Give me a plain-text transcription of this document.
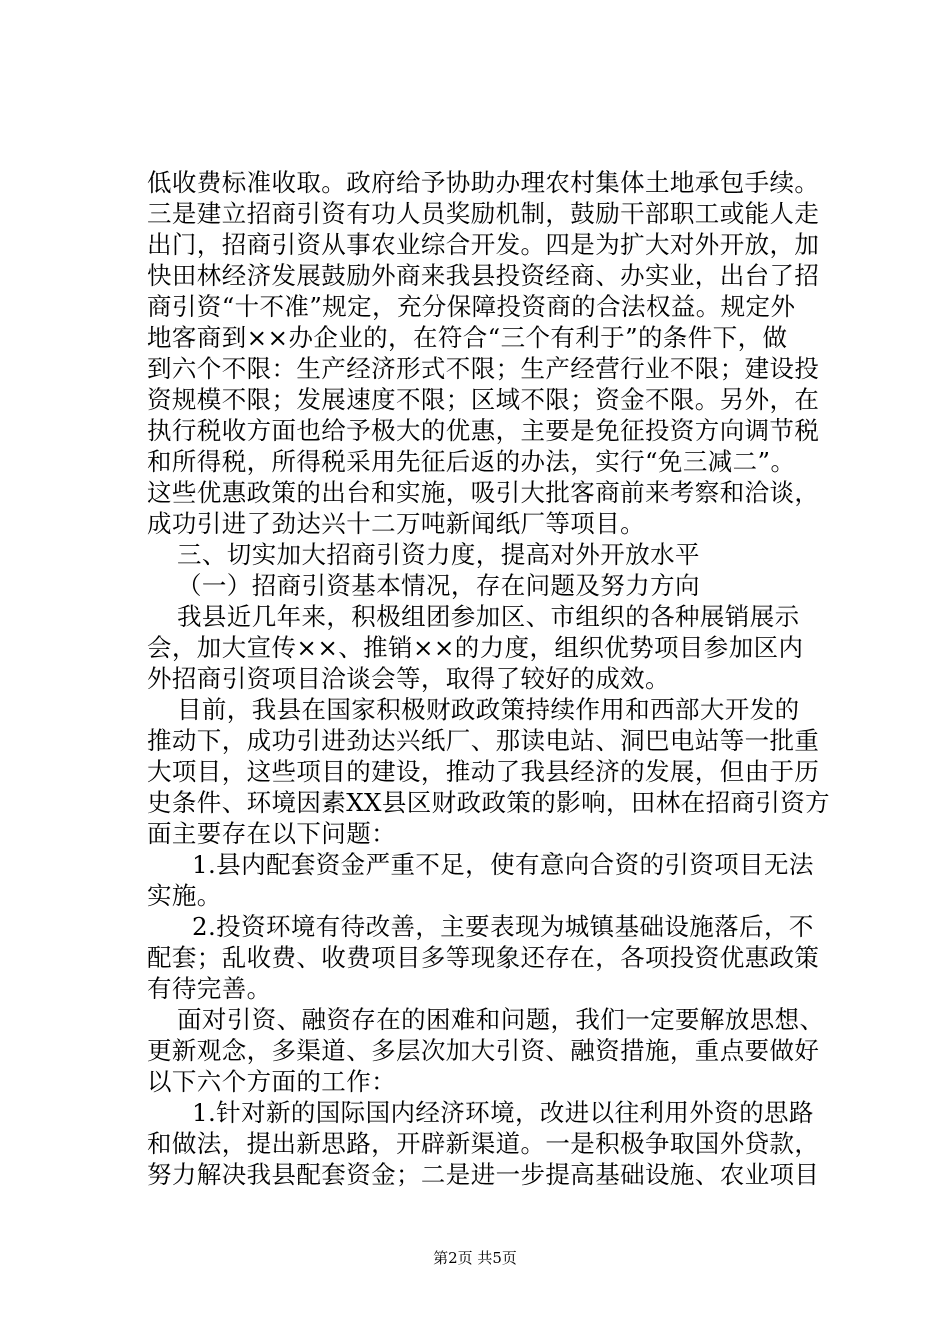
低收费标准收取。政府给予协助办理农村集体土地承包手续。
三是建立招商引资有功人员奖励机制，鼓励干部职工或能人走
出门，招商引资从事农业综合开发。四是为扩大对外开放，加
快田林经济发展鼓励外商来我县投资经商、办实业，出台了招
商引资“十不准”规定，充分保障投资商的合法权益。规定外
地客商到××办企业的，在符合“三个有利于”的条件下，做
到六个不限：生产经济形式不限；生产经营行业不限；建设投
资规模不限；发展速度不限；区域不限；资金不限。另外，在
执行税收方面也给予极大的优惠，主要是免征投资方向调节税
和所得税，所得税采用先征后返的办法，实行“免三减二”。
这些优惠政策的出台和实施，吸引大批客商前来考察和洽谈，
成功引进了劲达兴十二万吨新闻纸厂等项目。
三、切实加大招商引资力度，提高对外开放水平
（一）招商引资基本情况，存在问题及努力方向
我县近几年来，积极组团参加区、市组织的各种展销展示
会，加大宣传××、推销××的力度，组织优势项目参加区内
外招商引资项目洽谈会等，取得了较好的成效。
目前，我县在国家积极财政政策持续作用和西部大开发的
推动下，成功引进劲达兴纸厂、那读电站、洞巴电站等一批重
大项目，这些项目的建设，推动了我县经济的发展，但由于历
史条件、环境因素XX县区财政政策的影响，田林在招商引资方
面主要存在以下问题：
1.县内配套资金严重不足，使有意向合资的引资项目无法
实施。
2.投资环境有待改善，主要表现为城镇基础设施落后，不
配套；乱收费、收费项目多等现象还存在，各项投资优惠政策
有待完善。
面对引资、融资存在的困难和问题，我们一定要解放思想、
更新观念，多渠道、多层次加大引资、融资措施，重点要做好
以下六个方面的工作：
1.针对新的国际国内经济环境，改进以往利用外资的思路
和做法，提出新思路，开辟新渠道。一是积极争取国外贷款，
努力解决我县配套资金；二是进一步提高基础设施、农业项目
第2页 共5页
